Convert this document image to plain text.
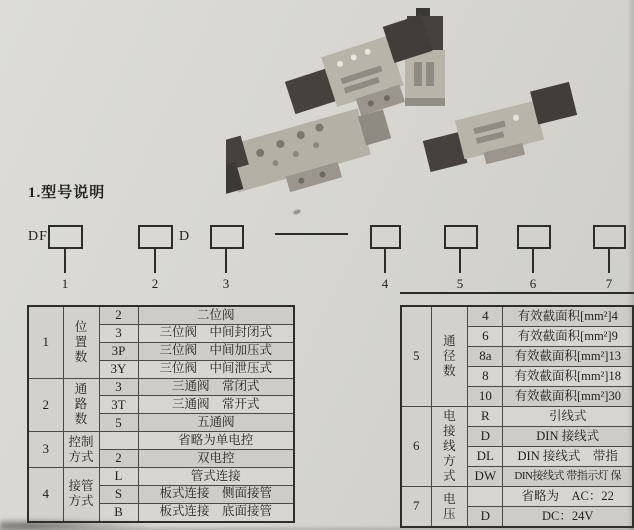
1.型号说明
DF	D
1	2	3	4	5	6	7
1	位置数	2	二位阀
		3	三位阀　中间封闭式
		3P	三位阀　中间加压式
		3Y	三位阀　中间泄压式
2	通路数	3	三通阀　常闭式
		3T	三通阀　常开式
		5	五通阀
3	控制方式		省略为单电控
		2	双电控
4	接管方式	L	管式连接
		S	板式连接　侧面接管
		B	板式连接　底面接管
5	通径数	4	有效截面积[mm²]4
		6	有效截面积[mm²]9
		8a	有效截面积[mm²]13
		8	有效截面积[mm²]18
		10	有效截面积[mm²]30
6	电接线方式	R	引线式
		D	DIN 接线式
		DL	DIN 接线式　带指
		DW	DIN接线式 带指示灯 保
7	电压		省略为　AC：22
		D	DC：24V
